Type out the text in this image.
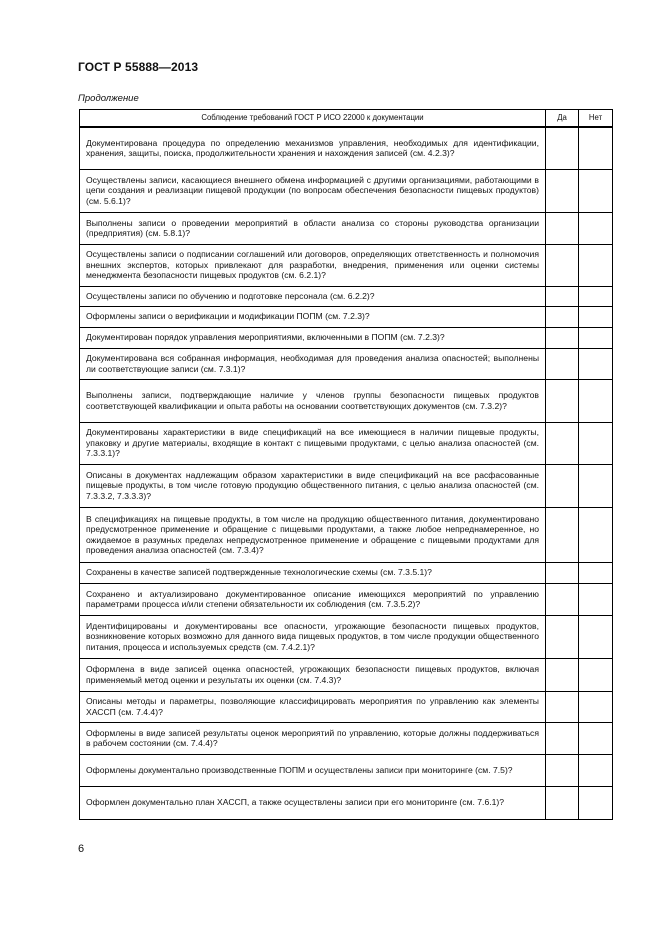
ГОСТ Р 55888—2013
Продолжение
Соблюдение требований ГОСТ Р ИСО 22000 к документации	Да	Нет
Документирована процедура по определению механизмов управления, необходимых для идентификации, хранения, защиты, поиска, продолжительности хранения и нахождения записей (см. 4.2.3)?		
Осуществлены записи, касающиеся внешнего обмена информацией с другими организациями, работающими в цепи создания и реализации пищевой продукции (по вопросам обеспечения безопасности пищевых продуктов) (см. 5.6.1)?		
Выполнены записи о проведении мероприятий в области анализа со стороны руководства организации (предприятия) (см. 5.8.1)?		
Осуществлены записи о подписании соглашений или договоров, определяющих ответственность и полномочия внешних экспертов, которых привлекают для разработки, внедрения, применения или оценки системы менеджмента безопасности пищевых продуктов (см. 6.2.1)?		
Осуществлены записи по обучению и подготовке персонала (см. 6.2.2)?		
Оформлены записи о верификации и модификации ПОПМ (см. 7.2.3)?		
Документирован порядок управления мероприятиями, включенными в ПОПМ (см. 7.2.3)?		
Документирована вся собранная информация, необходимая для проведения анализа опасностей; выполнены ли соответствующие записи (см. 7.3.1)?		
Выполнены записи, подтверждающие наличие у членов группы безопасности пищевых продуктов соответствующей квалификации и опыта работы на основании соответствующих документов (см. 7.3.2)?		
Документированы характеристики в виде спецификаций на все имеющиеся в наличии пищевые продукты, упаковку и другие материалы, входящие в контакт с пищевыми продуктами, с целью анализа опасностей (см. 7.3.3.1)?		
Описаны в документах надлежащим образом характеристики в виде спецификаций на все расфасованные пищевые продукты, в том числе готовую продукцию общественного питания, с целью анализа опасностей (см. 7.3.3.2, 7.3.3.3)?		
В спецификациях на пищевые продукты, в том числе на продукцию общественного питания, документировано предусмотренное применение и обращение с пищевыми продуктами, а также любое непреднамеренное, но ожидаемое в разумных пределах непредусмотренное применение и обращение с пищевыми продуктами для проведения анализа опасностей (см. 7.3.4)?		
Сохранены в качестве записей подтвержденные технологические схемы (см. 7.3.5.1)?		
Сохранено и актуализировано документированное описание имеющихся мероприятий по управлению параметрами процесса и/или степени обязательности их соблюдения (см. 7.3.5.2)?		
Идентифицированы и документированы все опасности, угрожающие безопасности пищевых продуктов, возникновение которых возможно для данного вида пищевых продуктов, в том числе продукции общественного питания, процесса и используемых средств (см. 7.4.2.1)?		
Оформлена в виде записей оценка опасностей, угрожающих безопасности пищевых продуктов, включая применяемый метод оценки и результаты их оценки (см. 7.4.3)?		
Описаны методы и параметры, позволяющие классифицировать мероприятия по управлению как элементы ХАССП (см. 7.4.4)?		
Оформлены в виде записей результаты оценок мероприятий по управлению, которые должны поддерживаться в рабочем состоянии (см. 7.4.4)?		
Оформлены документально производственные ПОПМ и осуществлены записи при мониторинге (см. 7.5)?		
Оформлен документально план ХАССП, а также осуществлены записи при его мониторинге (см. 7.6.1)?		
6
